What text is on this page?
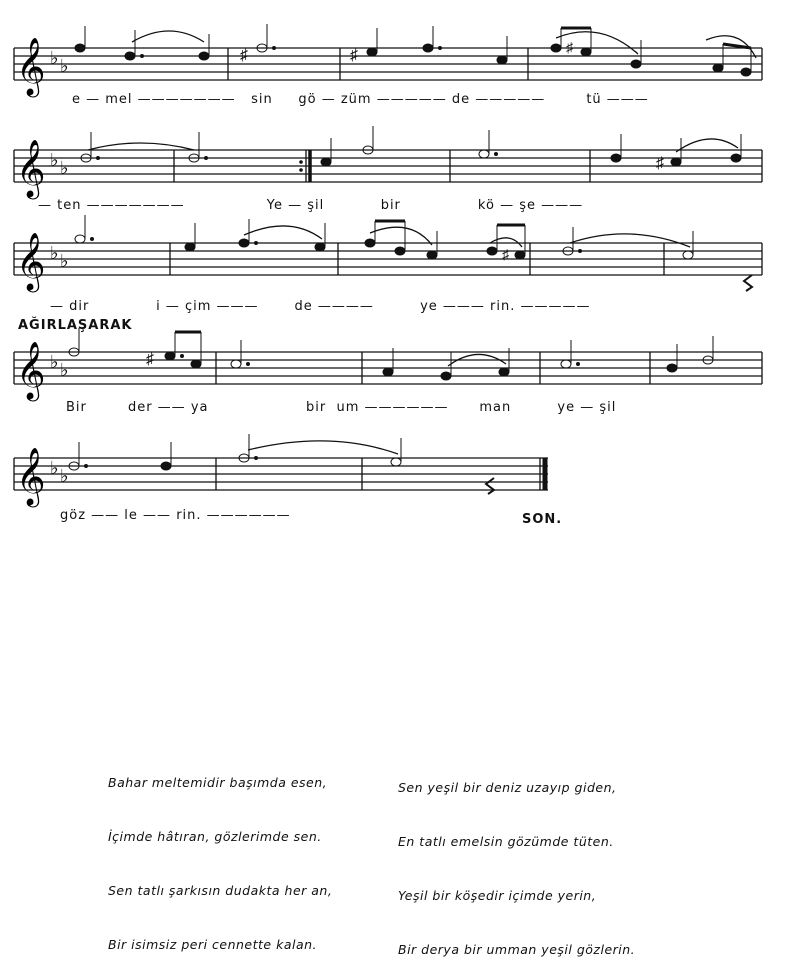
𝄞 ♭ ♭
♯	♯	♯
e — mel ———————   sin gö — züm ————— de —————        tü ———
𝄞 ♭ ♭	♯
— ten ———————                Ye — şil	bir	kö — şe ———
𝄞 ♭ ♭	♯
— dir	i — çim ———       de ————         ye ——— rin. —————
AĞIRLAŞARAK
𝄞 ♭ ♭
♯
Bir	der —— ya	bir um ——————      man	ye — şil
𝄞 ♭ ♭
göz —— le —— rin. ——————	SON.

Bahar meltemidir başımda esen,

İçimde hâtıran, gözlerimde sen.

Sen tatlı şarkısın dudakta her an,

Bir isimsiz peri cennette kalan.

Sen yeşil bir deniz uzayıp giden,

En tatlı emelsin gözümde tüten.

Yeşil bir köşedir içimde yerin,

Bir derya bir umman yeşil gözlerin.
